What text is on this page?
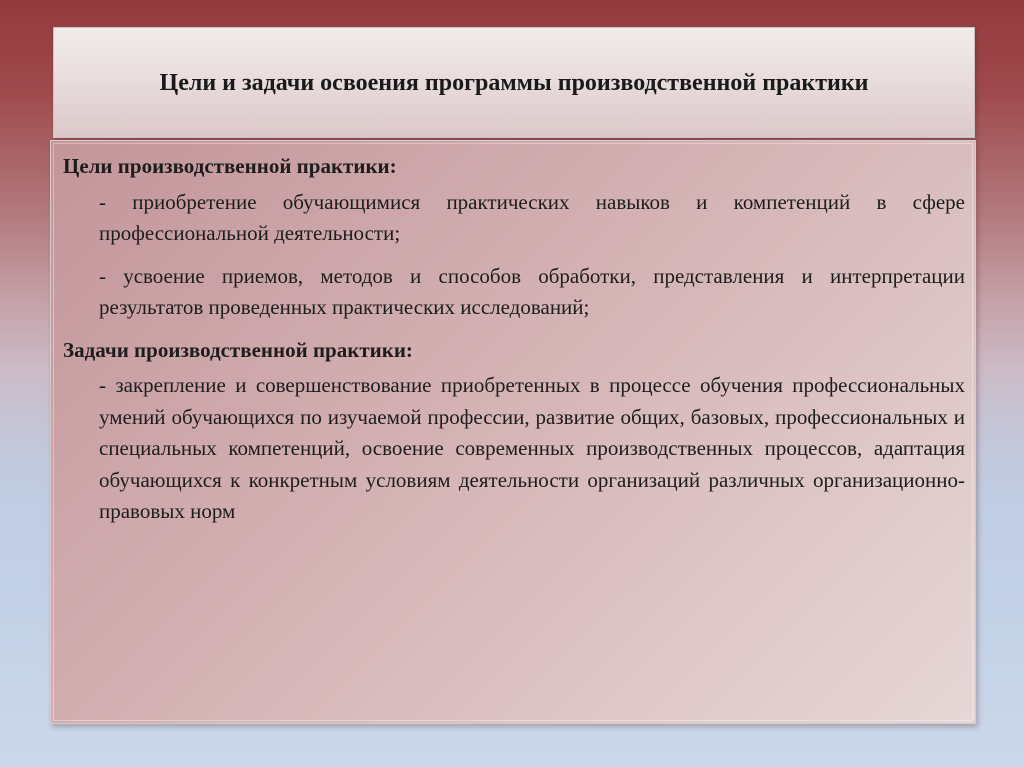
Цели и задачи освоения программы производственной практики
Цели производственной практики:
- приобретение обучающимися практических навыков и компетенций в сфере профессиональной деятельности;
- усвоение приемов, методов и способов обработки, представления и интерпретации результатов проведенных практических исследований;
Задачи производственной практики:
- закрепление и совершенствование приобретенных в процессе обучения профессиональных умений обучающихся по изучаемой профессии, развитие общих, базовых, профессиональных и специальных компетенций, освоение современных производственных процессов, адаптация обучающихся к конкретным условиям деятельности организаций различных организационно-правовых норм
